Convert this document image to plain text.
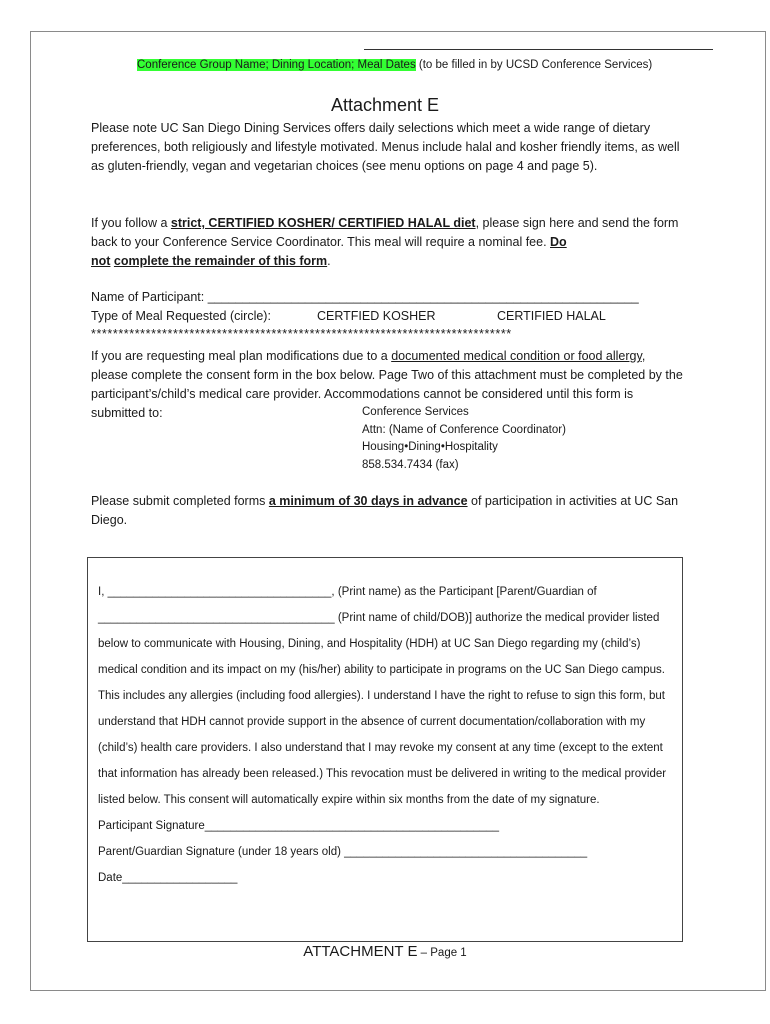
Conference Group Name; Dining Location; Meal Dates (to be filled in by UCSD Conference Services)
Attachment E
Please note UC San Diego Dining Services offers daily selections which meet a wide range of dietary preferences, both religiously and lifestyle motivated. Menus include halal and kosher friendly items, as well as gluten-friendly, vegan and vegetarian choices (see menu options on page 4 and page 5).
If you follow a strict, CERTIFIED KOSHER/ CERTIFIED HALAL diet, please sign here and send the form back to your Conference Service Coordinator. This meal will require a nominal fee. Do
not complete the remainder of this form.
Name of Participant: ______________________________________________________________
Type of Meal Requested (circle):	CERTFIED KOSHER	CERTIFIED HALAL
*****************************************************************************
If you are requesting meal plan modifications due to a documented medical condition or food allergy, please complete the consent form in the box below. Page Two of this attachment must be completed by the participant’s/child’s medical care provider. Accommodations cannot be considered until this form is submitted to:	Conference Services
Attn: (Name of Conference Coordinator)
Housing•Dining•Hospitality
858.534.7434 (fax)
Please submit completed forms a minimum of 30 days in advance of participation in activities at UC San Diego.

I, ___________________________________, (Print name) as the Participant [Parent/Guardian of _____________________________________ (Print name of child/DOB)] authorize the medical provider listed below to communicate with Housing, Dining, and Hospitality (HDH) at UC San Diego regarding my (child’s) medical condition and its impact on my (his/her) ability to participate in programs on the UC San Diego campus. This includes any allergies (including food allergies). I understand I have the right to refuse to sign this form, but understand that HDH cannot provide support in the absence of current documentation/collaboration with my (child’s) health care providers. I also understand that I may revoke my consent at any time (except to the extent that information has already been released.) This revocation must be delivered in writing to the medical provider listed below. This consent will automatically expire within six months from the date of my signature.

Participant Signature______________________________________________

Parent/Guardian Signature (under 18 years old) ______________________________________

Date__________________

ATTACHMENT E – Page 1
